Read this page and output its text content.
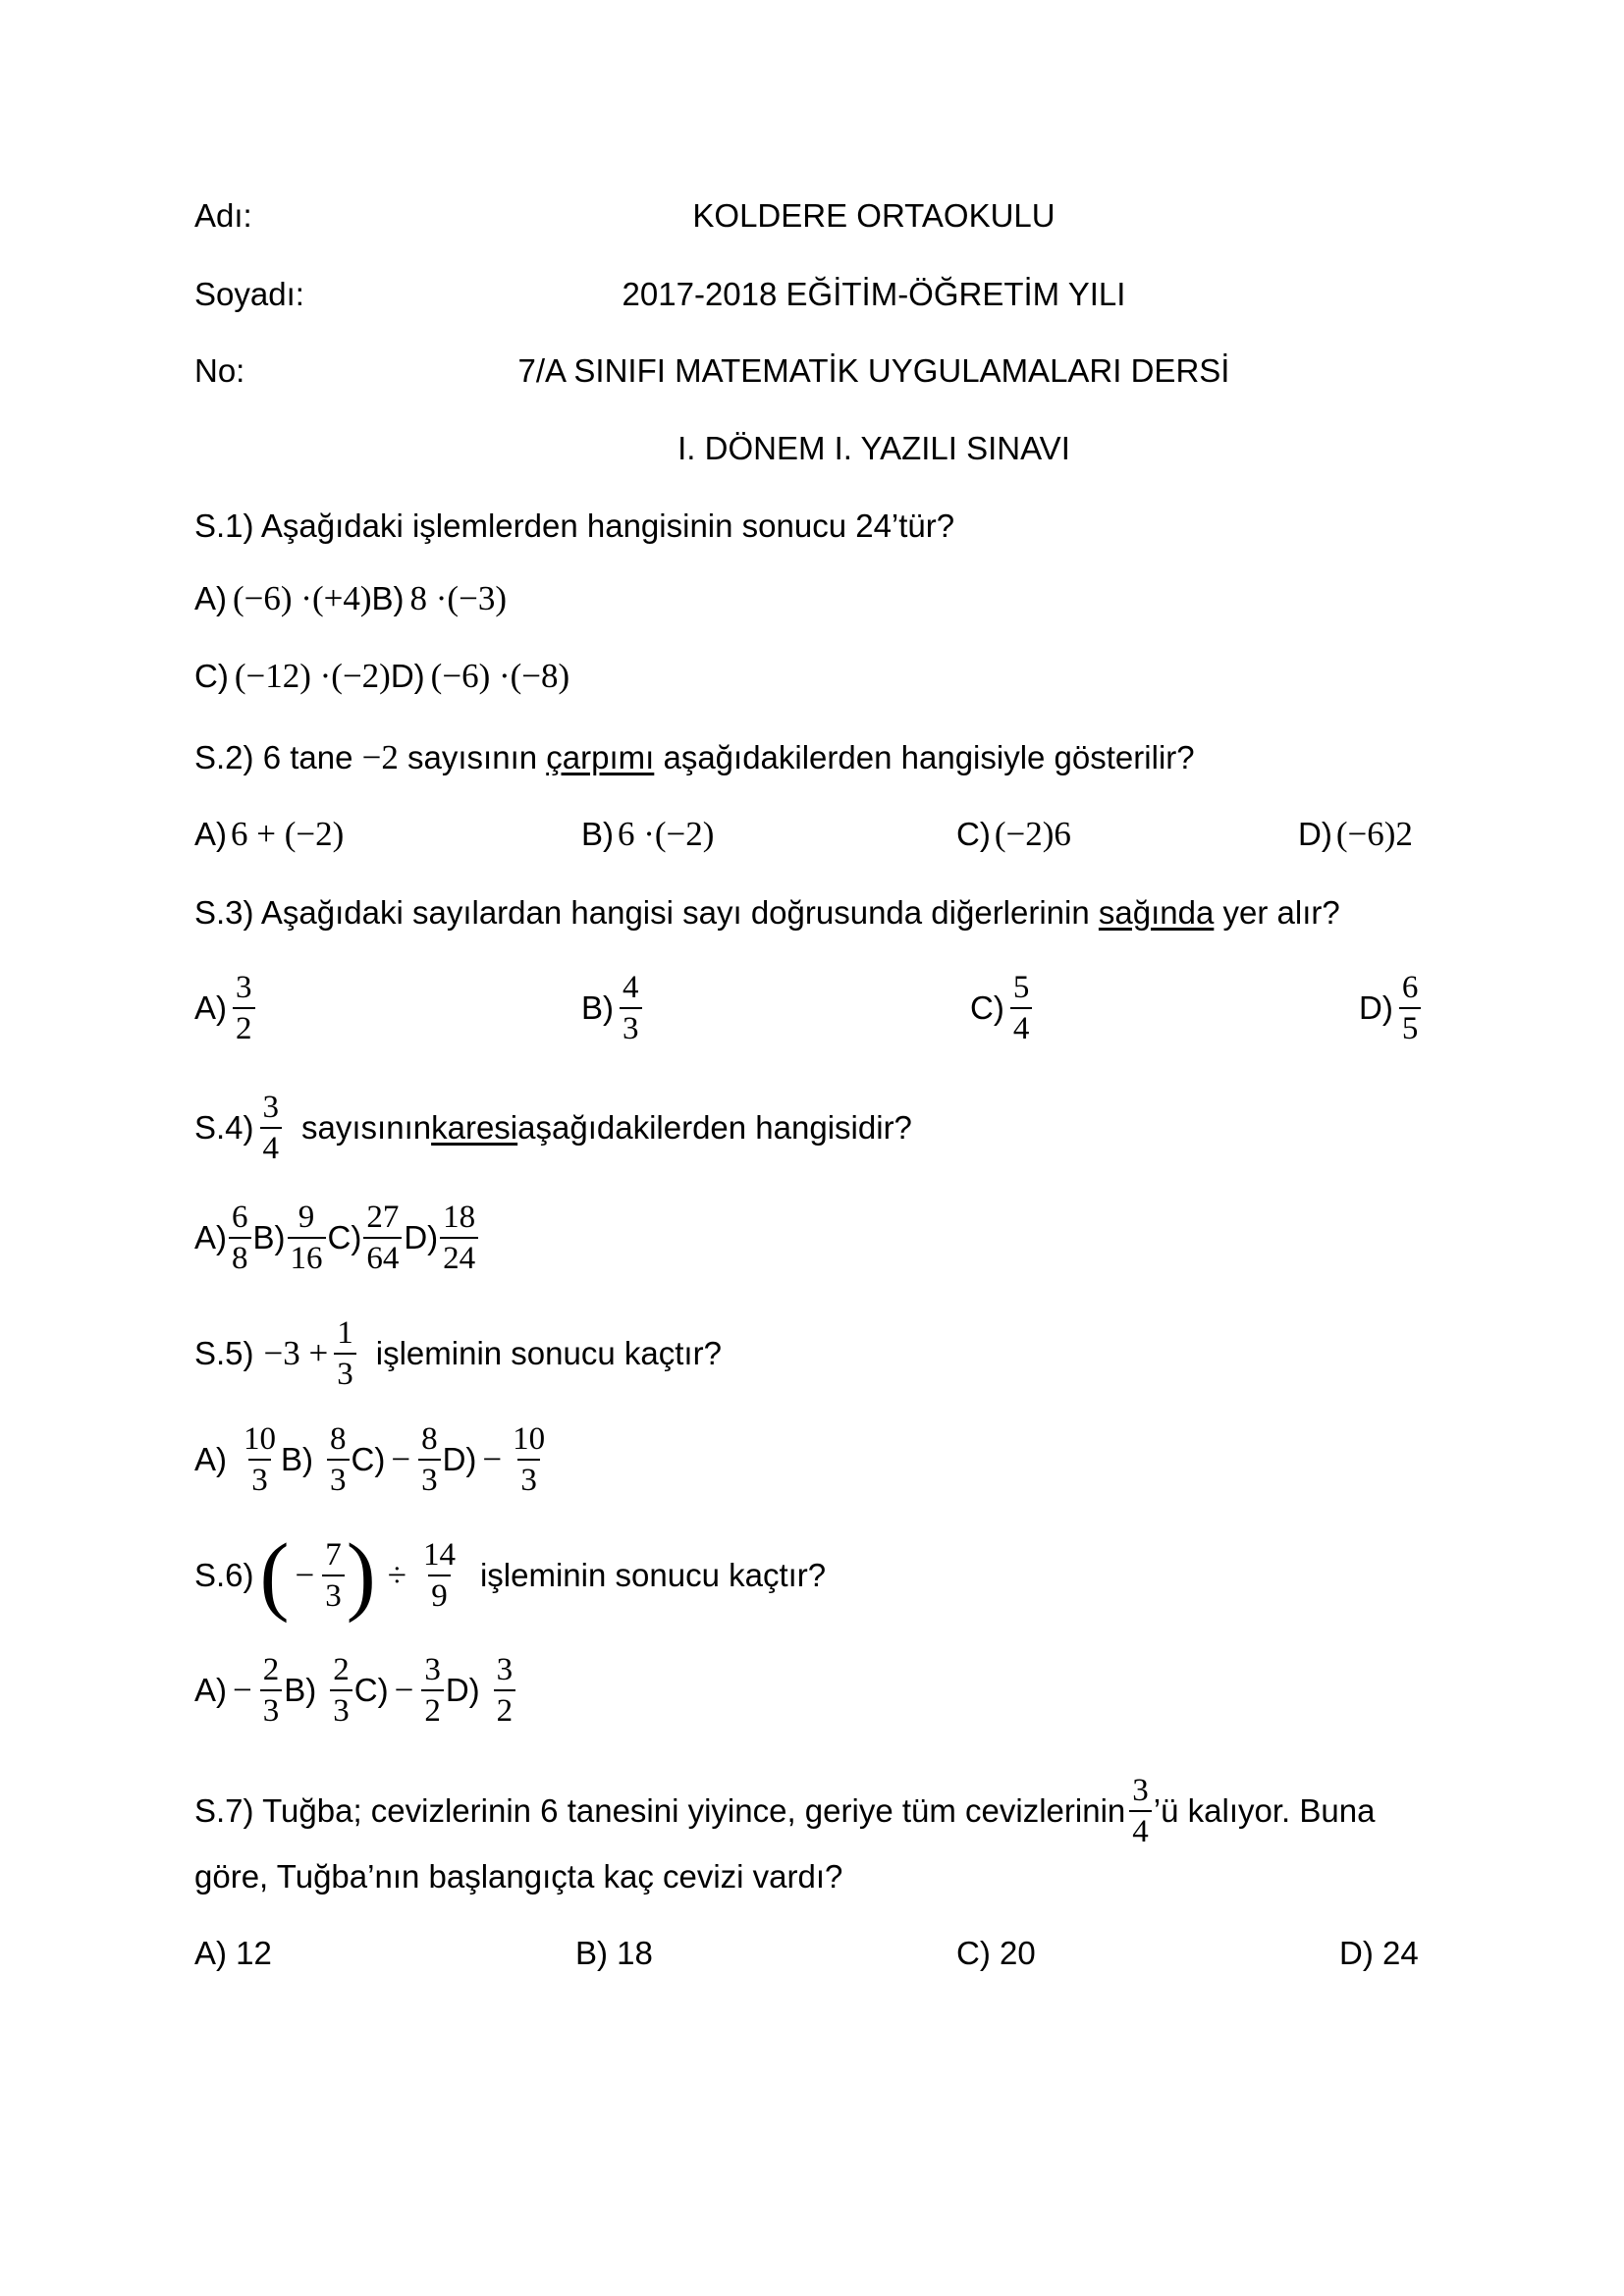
Adı:
Soyadı:
No:
KOLDERE ORTAOKULU
2017-2018 EĞİTİM-ÖĞRETİM YILI
7/A SINIFI MATEMATİK UYGULAMALARI DERSİ
I. DÖNEM I. YAZILI SINAVI
S.1) Aşağıdaki işlemlerden hangisinin sonucu 24’tür?
A) (−6) ·(+4) B) 8 ·(−3)
C) (−12) ·(−2) D) (−6) ·(−8)
S.2) 6 tane −2 sayısının çarpımı aşağıdakilerden hangisiyle gösterilir?
A) 6 + (−2)	B) 6 ·(−2)	C) (−2) 6	D) (−6) 2
S.3) Aşağıdaki sayılardan hangisi sayı doğrusunda diğerlerinin sağında yer alır?
$A) \frac{3}{2}$	$B) \frac{4}{3}$	$C) \frac{5}{4}$	$D) \frac{6}{5}$
$S.4) \frac{3}{4}$ sayısının karesi aşağıdakilerden hangisidir?
$A) \frac{6}{8} B) \frac{9}{16} C) \frac{27}{64} D) \frac{18}{24}$
$S.5) -3 + \frac{1}{3}$ işleminin sonucu kaçtır?
$A) \frac{10}{3} B) \frac{8}{3} C) - \frac{8}{3} D) - \frac{10}{3}$
S.6) ( − $\frac{7}{3}$ ) ÷ $\frac{14}{9}$ işleminin sonucu kaçtır?
$A) - \frac{2}{3} B) \frac{2}{3} C) - \frac{3}{2} D) \frac{3}{2}$
S.7) Tuğba; cevizlerinin 6 tanesini yiyince, geriye tüm cevizlerinin $\frac{3}{4}$ ’ü kalıyor. Buna
göre, Tuğba’nın başlangıçta kaç cevizi vardı?
A) 12	B) 18	C) 20	D) 24
